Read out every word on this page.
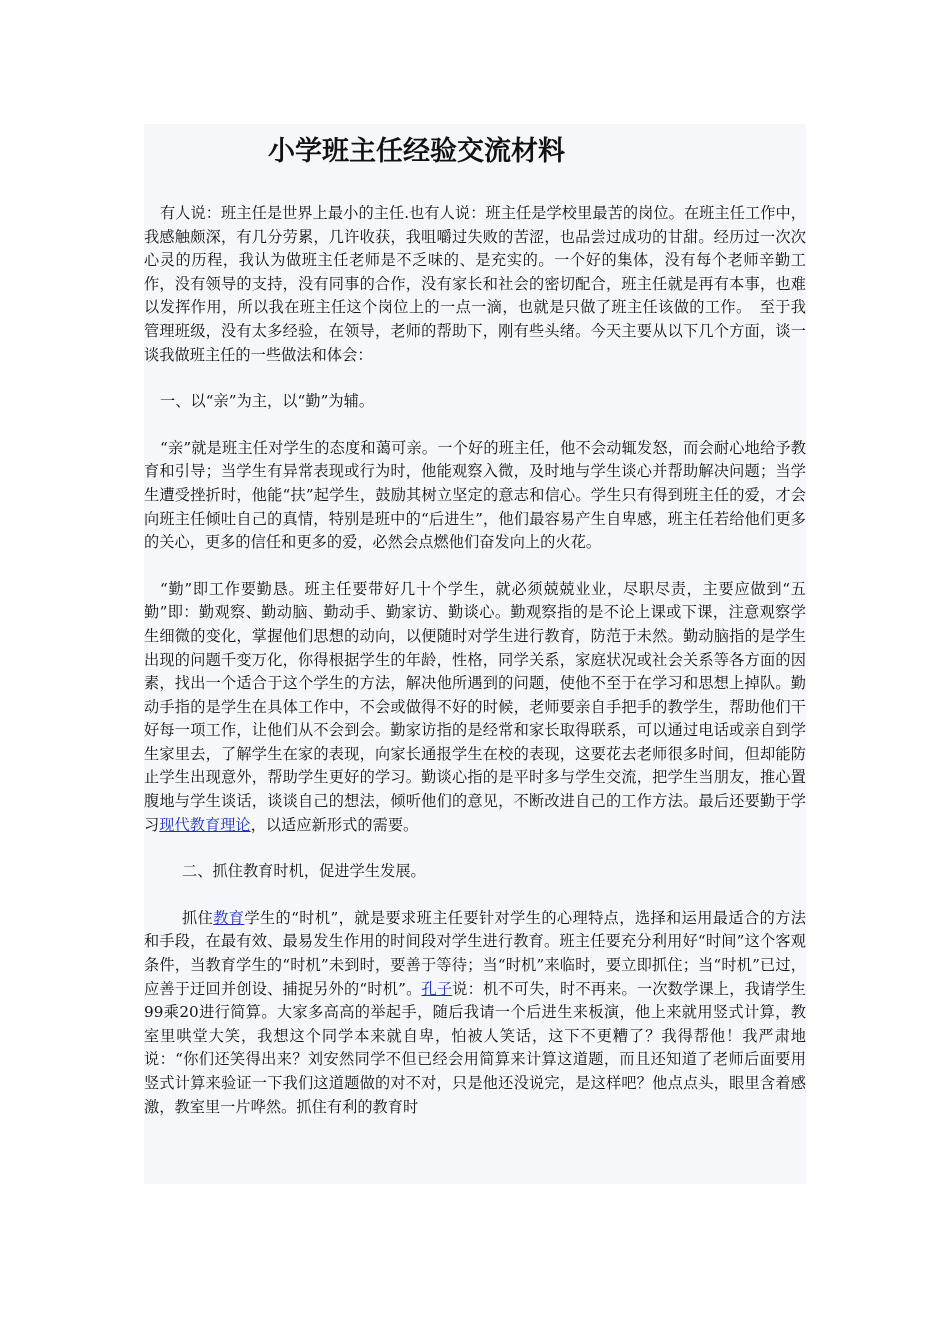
小学班主任经验交流材料

有人说：班主任是世界上最小的主任.也有人说：班主任是学校里最苦的岗位。在班主任工作中，我感触颇深，有几分劳累，几许收获，我咀嚼过失败的苦涩，也品尝过成功的甘甜。经历过一次次心灵的历程，我认为做班主任老师是不乏味的、是充实的。一个好的集体，没有每个老师辛勤工作，没有领导的支持，没有同事的合作，没有家长和社会的密切配合，班主任就是再有本事，也难以发挥作用，所以我在班主任这个岗位上的一点一滴，也就是只做了班主任该做的工作。　至于我管理班级，没有太多经验，在领导，老师的帮助下，刚有些头绪。今天主要从以下几个方面，谈一谈我做班主任的一些做法和体会：

一、以“亲”为主，以“勤”为辅。

“亲”就是班主任对学生的态度和蔼可亲。一个好的班主任，他不会动辄发怒，而会耐心地给予教育和引导；当学生有异常表现或行为时，他能观察入微，及时地与学生谈心并帮助解决问题；当学生遭受挫折时，他能“扶”起学生，鼓励其树立坚定的意志和信心。学生只有得到班主任的爱，才会向班主任倾吐自己的真情，特别是班中的“后进生”，他们最容易产生自卑感，班主任若给他们更多的关心，更多的信任和更多的爱，必然会点燃他们奋发向上的火花。

“勤”即工作要勤恳。班主任要带好几十个学生，就必须兢兢业业，尽职尽责，主要应做到“五勤”即：勤观察、勤动脑、勤动手、勤家访、勤谈心。勤观察指的是不论上课或下课，注意观察学生细微的变化，掌握他们思想的动向，以便随时对学生进行教育，防范于未然。勤动脑指的是学生出现的问题千变万化，你得根据学生的年龄，性格，同学关系，家庭状况或社会关系等各方面的因素，找出一个适合于这个学生的方法，解决他所遇到的问题，使他不至于在学习和思想上掉队。勤动手指的是学生在具体工作中，不会或做得不好的时候，老师要亲自手把手的教学生，帮助他们干好每一项工作，让他们从不会到会。勤家访指的是经常和家长取得联系，可以通过电话或亲自到学生家里去，了解学生在家的表现，向家长通报学生在校的表现，这要花去老师很多时间，但却能防止学生出现意外，帮助学生更好的学习。勤谈心指的是平时多与学生交流，把学生当朋友，推心置腹地与学生谈话，谈谈自己的想法，倾听他们的意见，不断改进自己的工作方法。最后还要勤于学习现代教育理论，以适应新形式的需要。

二、抓住教育时机，促进学生发展。

抓住教育学生的“时机”，就是要求班主任要针对学生的心理特点，选择和运用最适合的方法和手段，在最有效、最易发生作用的时间段对学生进行教育。班主任要充分利用好“时间”这个客观条件，当教育学生的“时机”未到时，要善于等待；当“时机”来临时，要立即抓住；当“时机”已过，应善于迂回并创设、捕捉另外的“时机”。孔子说：机不可失，时不再来。一次数学课上，我请学生99乘20进行简算。大家多高高的举起手，随后我请一个后进生来板演，他上来就用竖式计算，教室里哄堂大笑，我想这个同学本来就自卑，怕被人笑话，这下不更糟了？我得帮他！我严肃地说：“你们还笑得出来？刘安然同学不但已经会用简算来计算这道题，而且还知道了老师后面要用竖式计算来验证一下我们这道题做的对不对，只是他还没说完，是这样吧？他点点头，眼里含着感激，教室里一片哗然。抓住有利的教育时
